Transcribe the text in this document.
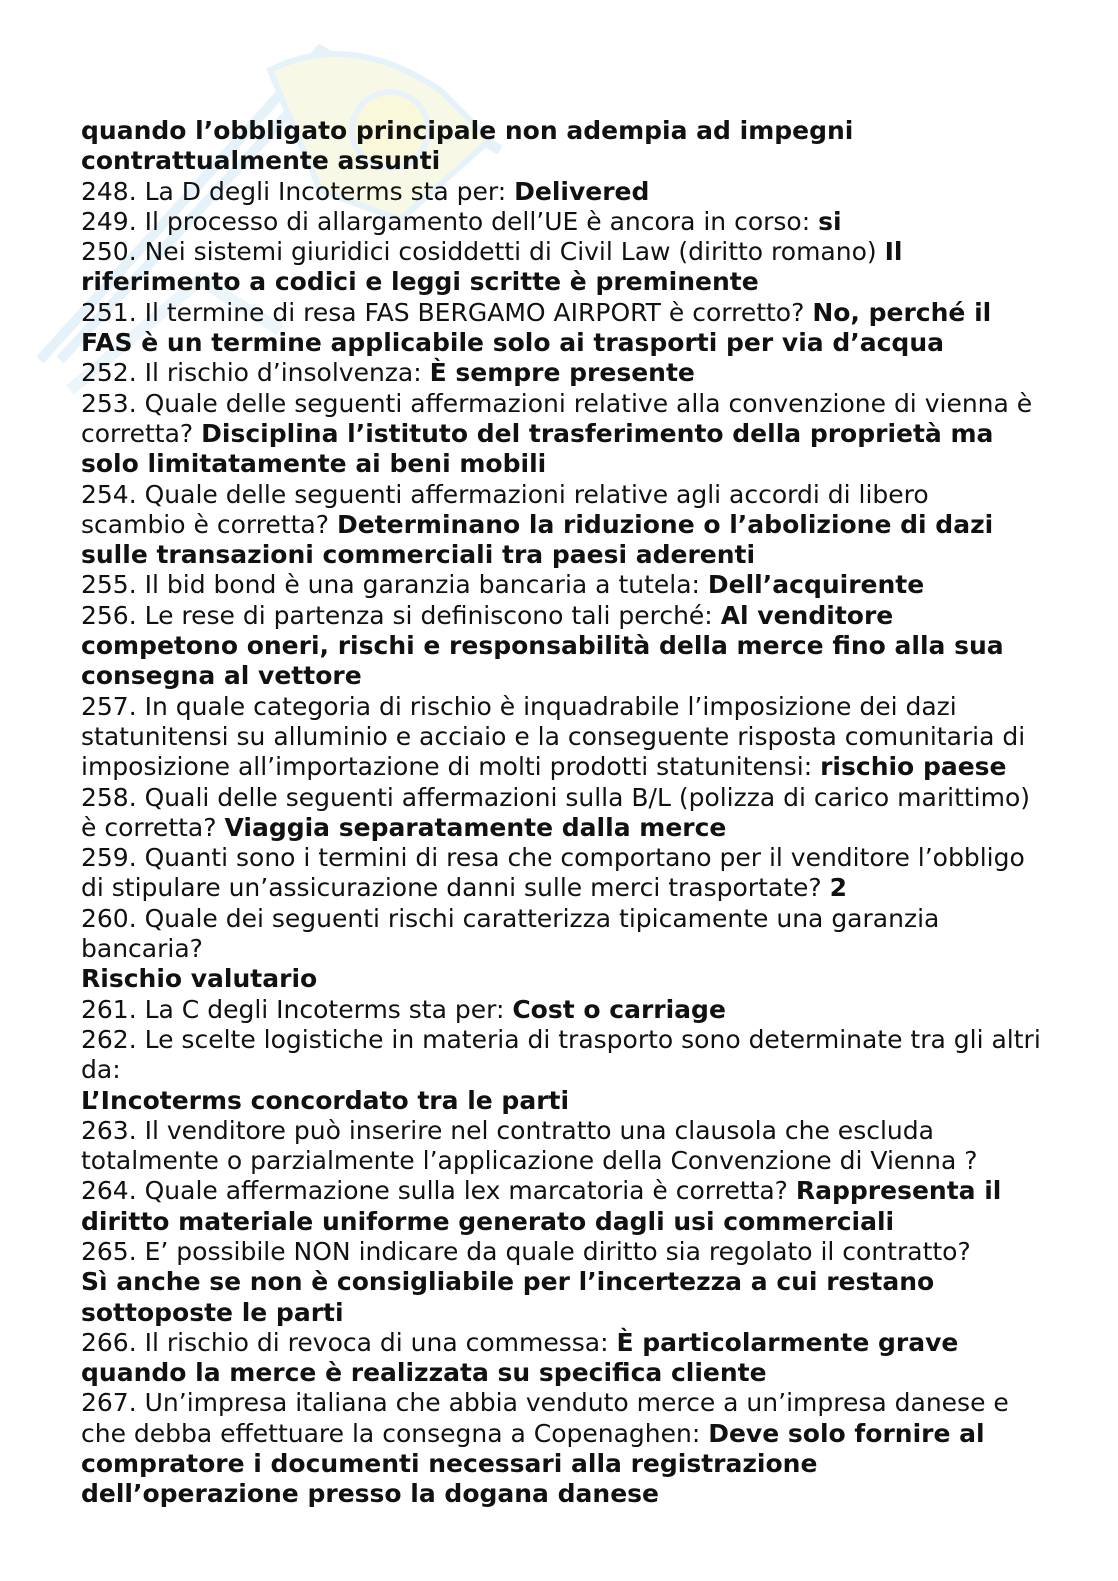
quando l’obbligato principale non adempia ad impegni contrattualmente assunti

248. La D degli Incoterms sta per: Delivered

249. Il processo di allargamento dell’UE è ancora in corso: si

250. Nei sistemi giuridici cosiddetti di Civil Law (diritto romano) Il riferimento a codici e leggi scritte è preminente

251. Il termine di resa FAS BERGAMO AIRPORT è corretto? No, perché il FAS è un termine applicabile solo ai trasporti per via d’acqua

252. Il rischio d’insolvenza: È sempre presente

253. Quale delle seguenti affermazioni relative alla convenzione di vienna è corretta? Disciplina l’istituto del trasferimento della proprietà ma solo limitatamente ai beni mobili

254. Quale delle seguenti affermazioni relative agli accordi di libero scambio è corretta? Determinano la riduzione o l’abolizione di dazi sulle transazioni commerciali tra paesi aderenti

255. Il bid bond è una garanzia bancaria a tutela: Dell’acquirente

256. Le rese di partenza si definiscono tali perché: Al venditore competono oneri, rischi e responsabilità della merce fino alla sua consegna al vettore

257. In quale categoria di rischio è inquadrabile l’imposizione dei dazi statunitensi su alluminio e acciaio e la conseguente risposta comunitaria di imposizione all’importazione di molti prodotti statunitensi: rischio paese

258. Quali delle seguenti affermazioni sulla B/L (polizza di carico marittimo) è corretta? Viaggia separatamente dalla merce

259. Quanti sono i termini di resa che comportano per il venditore l’obbligo di stipulare un’assicurazione danni sulle merci trasportate? 2

260. Quale dei seguenti rischi caratterizza tipicamente una garanzia bancaria?
Rischio valutario

261. La C degli Incoterms sta per: Cost o carriage

262. Le scelte logistiche in materia di trasporto sono determinate tra gli altri da:
L’Incoterms concordato tra le parti

263. Il venditore può inserire nel contratto una clausola che escluda totalmente o parzialmente l’applicazione della Convenzione di Vienna ?

264. Quale affermazione sulla lex marcatoria è corretta? Rappresenta il diritto materiale uniforme generato dagli usi commerciali

265. E’ possibile NON indicare da quale diritto sia regolato il contratto?
Sì anche se non è consigliabile per l’incertezza a cui restano sottoposte le parti

266. Il rischio di revoca di una commessa: È particolarmente grave quando la merce è realizzata su specifica cliente

267. Un’impresa italiana che abbia venduto merce a un’impresa danese e che debba effettuare la consegna a Copenaghen: Deve solo fornire al compratore i documenti necessari alla registrazione dell’operazione presso la dogana danese
